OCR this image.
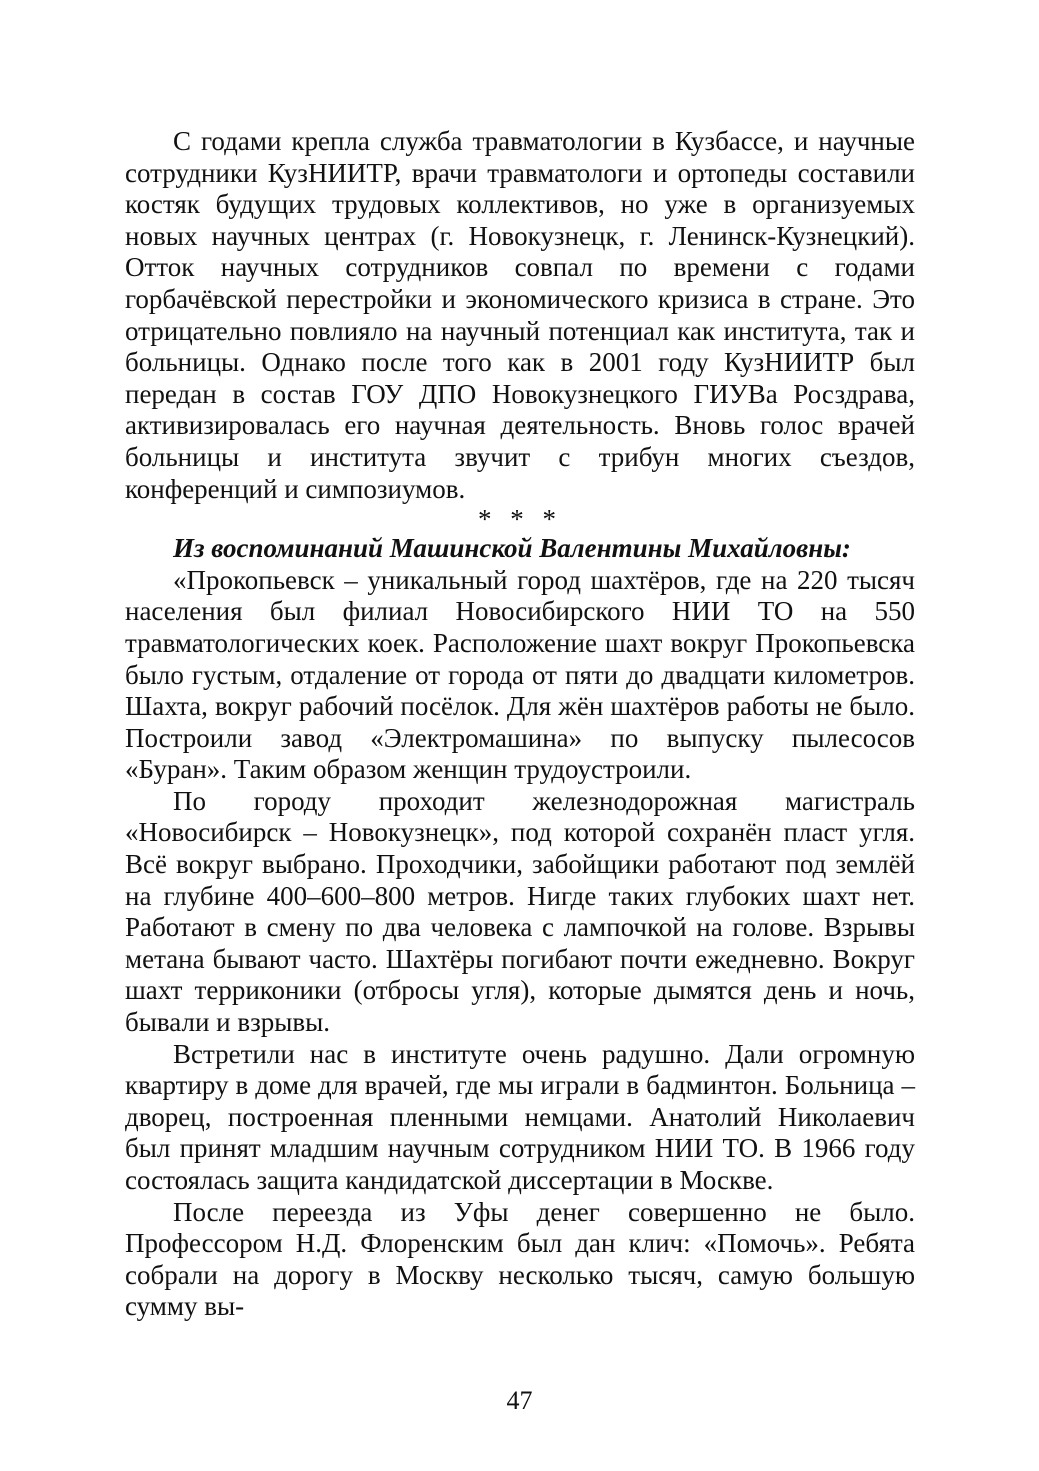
С годами крепла служба травматологии в Кузбассе, и научные сотрудники КузНИИТР, врачи травматологи и ортопеды составили костяк будущих трудовых коллективов, но уже в организуемых новых научных центрах (г. Новокузнецк, г. Ленинск-Кузнецкий). Отток научных сотрудников совпал по времени с годами горбачёвской перестройки и экономического кризиса в стране. Это отрицательно повлияло на научный потенциал как института, так и больницы. Однако после того как в 2001 году КузНИИТР был передан в состав ГОУ ДПО Новокузнецкого ГИУВа Росздрава, активизировалась его научная деятельность. Вновь голос врачей больницы и института звучит с трибун многих съездов, конференций и симпозиумов.

* * *

Из воспоминаний Машинской Валентины Михайловны:

«Прокопьевск – уникальный город шахтёров, где на 220 тысяч населения был филиал Новосибирского НИИ ТО на 550 травматологических коек. Расположение шахт вокруг Прокопьевска было густым, отдаление от города от пяти до двадцати километров. Шахта, вокруг рабочий посёлок. Для жён шахтёров работы не было. Построили завод «Электромашина» по выпуску пылесосов «Буран». Таким образом женщин трудоустроили.

По городу проходит железнодорожная магистраль «Новосибирск – Новокузнецк», под которой сохранён пласт угля. Всё вокруг выбрано. Проходчики, забойщики работают под землёй на глубине 400–600–800 метров. Нигде таких глубоких шахт нет. Работают в смену по два человека с лампочкой на голове. Взрывы метана бывают часто. Шахтёры погибают почти ежедневно. Вокруг шахт терриконики (отбросы угля), которые дымятся день и ночь, бывали и взрывы.

Встретили нас в институте очень радушно. Дали огромную квартиру в доме для врачей, где мы играли в бадминтон. Больница – дворец, построенная пленными немцами. Анатолий Николаевич был принят младшим научным сотрудником НИИ ТО. В 1966 году состоялась защита кандидатской диссертации в Москве.

После переезда из Уфы денег совершенно не было. Профессором Н.Д. Флоренским был дан клич: «Помочь». Ребята собрали на дорогу в Москву несколько тысяч, самую большую сумму вы-

47
